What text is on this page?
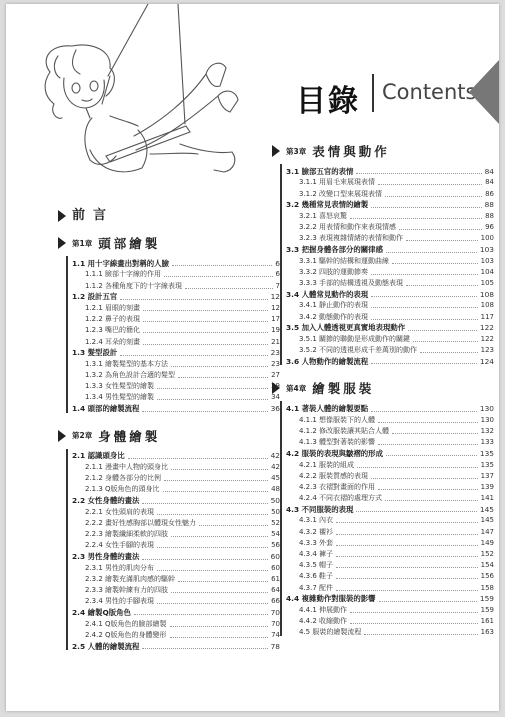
目錄 Contents
前言
第1章 頭部繪製
1.1 用十字線畫出對稱的人臉	6
1.1.1 臉部十字線的作用	6
1.1.2 各種角度下的十字線表現	7
1.2 設計五官	12
1.2.1 眉眼的刻畫	12
1.2.2 鼻子的表現	17
1.2.3 嘴巴的簡化	19
1.2.4 耳朵的刻畫	21
1.3 髮型設計	23
1.3.1 繪製髮型的基本方法	23
1.3.2 為角色設計合適的髮型	27
1.3.3 女性髮型的繪製	29
1.3.4 男性髮型的繪製	34
1.4 頭部的繪製流程	36
第2章 身體繪製
2.1 認識頭身比	42
2.1.1 漫畫中人物的頭身比	42
2.1.2 身體各部分的比例	45
2.1.3 Q版角色的頭身比	48
2.2 女性身體的畫法	50
2.2.1 女性頭肩的表現	50
2.2.2 畫好性感胸部以體現女性魅力	52
2.2.3 繪製纖細柔軟的四肢	54
2.2.4 女性手腳的表現	56
2.3 男性身體的畫法	60
2.3.1 男性的肌肉分布	60
2.3.2 繪製充滿肌肉感的驅幹	61
2.3.3 繪製幹練有力的四肢	64
2.3.4 男性的手腳表現	66
2.4 繪製Q版角色	70
2.4.1 Q版角色的臉部繪製	70
2.4.2 Q版角色的身體變形	74
2.5 人體的繪製流程	78
第3章 表情與動作
3.1 臉部五官的表情	84
3.1.1 用眉毛來展現表情	84
3.1.2 改變口型來展現表情	86
3.2 幾種常見表情的繪製	88
3.2.1 喜怒哀驚	88
3.2.2 用表情和動作來表現情感	96
3.2.3 表現複雜情緒的表情和動作	100
3.3 把握身體各部分的關律感	103
3.3.1 驅幹的結構和運動曲線	103
3.3.2 四肢的運動節奏	104
3.3.3 手部的結構透視及動態表現	105
3.4 人體常見動作的表現	108
3.4.1 靜止動作的表現	108
3.4.2 動態動作的表現	117
3.5 加入人體透視更真實地表現動作	122
3.5.1 關節的聯動是形成動作的關鍵	122
3.5.2 不同的透視形成千差萬別的動作	123
3.6 人物動作的繪製流程	124
第4章 繪製服裝
4.1 著裝人體的繪製要點	130
4.1.1 想像服裝下的人體	130
4.1.2 修改服裝讓其貼合人體	132
4.1.3 體型對著裝的影響	133
4.2 服裝的表現與皺褶的形成	135
4.2.1 服裝的組成	135
4.2.2 服裝質感的表現	137
4.2.3 衣褶對畫面的作用	139
4.2.4 不同衣褶的處理方式	141
4.3 不同服裝的表現	145
4.3.1 內衣	145
4.3.2 襯衫	147
4.3.3 外套	149
4.3.4 褲子	152
4.3.5 帽子	154
4.3.6 鞋子	156
4.3.7 配件	158
4.4 複雜動作對服裝的影響	159
4.4.1 伸展動作	159
4.4.2 收縮動作	161
4.5 服裝的繪製流程	163
